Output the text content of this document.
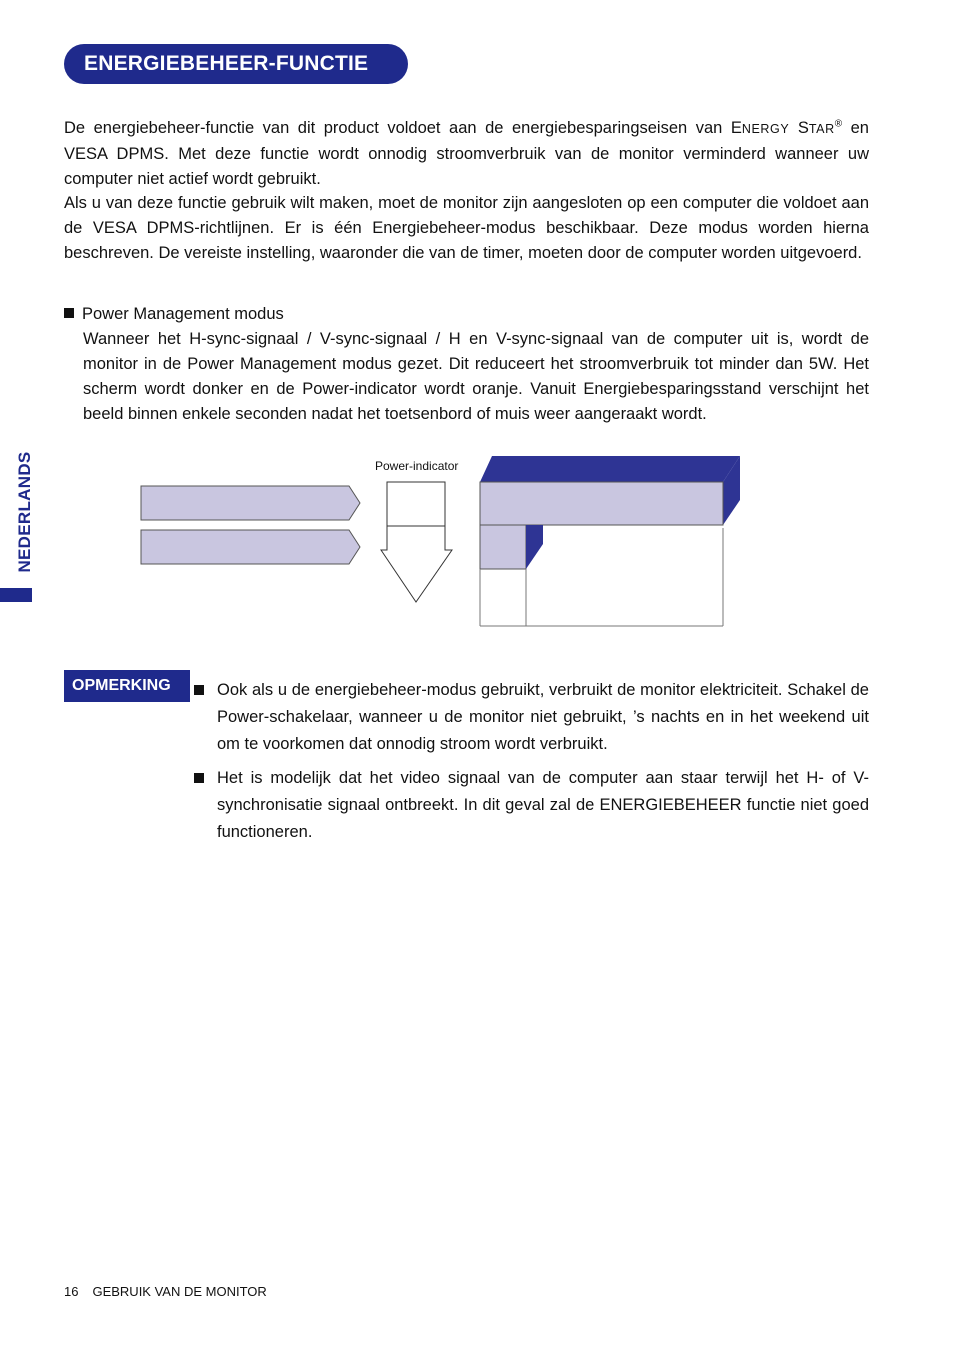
ENERGIEBEHEER-FUNCTIE

De energiebeheer-functie van dit product voldoet aan de energiebesparingseisen van ENERGY STAR® en VESA DPMS. Met deze functie wordt onnodig stroomverbruik van de monitor verminderd wanneer uw computer niet actief wordt gebruikt.

Als u van deze functie gebruik wilt maken, moet de monitor zijn aangesloten op een computer die voldoet aan de VESA DPMS-richtlijnen. Er is één Energiebeheer-modus beschikbaar. Deze modus worden hierna beschreven. De vereiste instelling, waaronder die van de timer, moeten door de computer worden uitgevoerd.

Power Management modus

Wanneer het H-sync-signaal / V-sync-signaal / H en V-sync-signaal van de computer uit is, wordt de monitor in de Power Management modus gezet. Dit reduceert het stroomverbruik tot minder dan 5W. Het scherm wordt donker en de Power-indicator wordt oranje. Vanuit Energiebesparingsstand verschijnt het beeld binnen enkele seconden nadat het toetsenbord of muis weer aangeraakt wordt.

NEDERLANDS	Power-indicator
OPMERKING	Ook als u de energiebeheer-modus gebruikt, verbruikt de monitor elektriciteit. Schakel de Power-schakelaar, wanneer u de monitor niet gebruikt, ’s nachts en in het weekend uit om te voorkomen dat onnodig stroom wordt verbruikt.

Het is modelijk dat het video signaal van de computer aan staar terwijl het H- of V-synchronisatie signaal ontbreekt. In dit geval zal de ENERGIEBEHEER functie niet goed functioneren.

16 GEBRUIK VAN DE MONITOR
